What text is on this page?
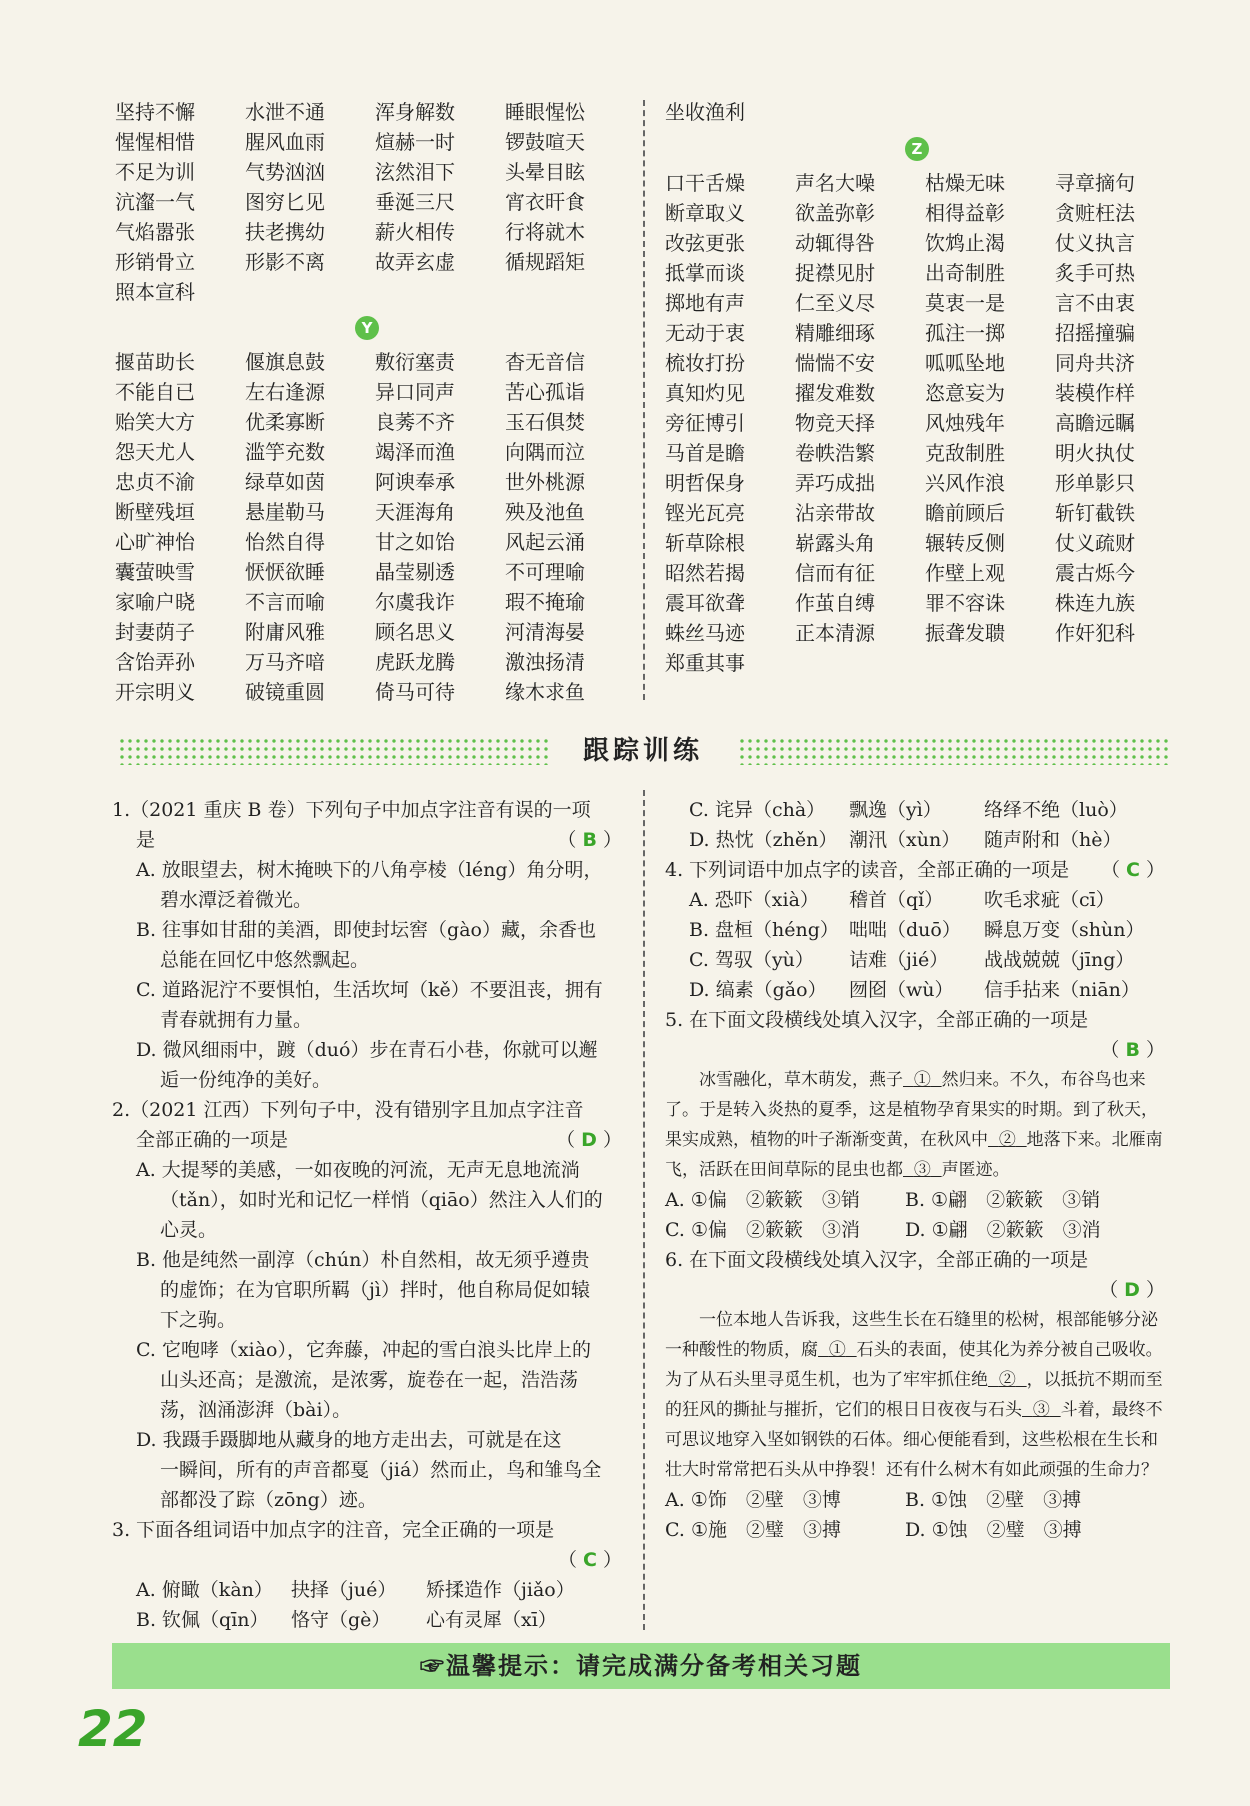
坚持不懈	水泄不通	浑身解数	睡眼惺忪
惺惺相惜	腥风血雨	煊赫一时	锣鼓喧天
不足为训	气势汹汹	泫然泪下	头晕目眩
沆瀣一气	图穷匕见	垂涎三尺	宵衣旰食
气焰嚣张	扶老携幼	薪火相传	行将就木
形销骨立	形影不离	故弄玄虚	循规蹈矩
照本宣科
Y
揠苗助长	偃旗息鼓	敷衍塞责	杳无音信
不能自已	左右逢源	异口同声	苦心孤诣
贻笑大方	优柔寡断	良莠不齐	玉石俱焚
怨天尤人	滥竽充数	竭泽而渔	向隅而泣
忠贞不渝	绿草如茵	阿谀奉承	世外桃源
断壁残垣	悬崖勒马	天涯海角	殃及池鱼
心旷神怡	怡然自得	甘之如饴	风起云涌
囊萤映雪	恹恹欲睡	晶莹剔透	不可理喻
家喻户晓	不言而喻	尔虞我诈	瑕不掩瑜
封妻荫子	附庸风雅	顾名思义	河清海晏
含饴弄孙	万马齐喑	虎跃龙腾	激浊扬清
开宗明义	破镜重圆	倚马可待	缘木求鱼
坐收渔利
Z
口干舌燥	声名大噪	枯燥无味	寻章摘句
断章取义	欲盖弥彰	相得益彰	贪赃枉法
改弦更张	动辄得咎	饮鸩止渴	仗义执言
抵掌而谈	捉襟见肘	出奇制胜	炙手可热
掷地有声	仁至义尽	莫衷一是	言不由衷
无动于衷	精雕细琢	孤注一掷	招摇撞骗
梳妆打扮	惴惴不安	呱呱坠地	同舟共济
真知灼见	擢发难数	恣意妄为	装模作样
旁征博引	物竞天择	风烛残年	高瞻远瞩
马首是瞻	卷帙浩繁	克敌制胜	明火执仗
明哲保身	弄巧成拙	兴风作浪	形单影只
铿光瓦亮	沾亲带故	瞻前顾后	斩钉截铁
斩草除根	崭露头角	辗转反侧	仗义疏财
昭然若揭	信而有征	作壁上观	震古烁今
震耳欲聋	作茧自缚	罪不容诛	株连九族
蛛丝马迹	正本清源	振聋发聩	作奸犯科
郑重其事
跟踪训练

1.（2021 重庆 B 卷）下列句子中加点字注音有误的一项

是	（ B ）

A. 放眼望去，树木掩映下的八角亭棱（léng）角分明，

碧水潭泛着微光。

B. 往事如甘甜的美酒，即使封坛窖（gào）藏，余香也

总能在回忆中悠然飘起。

C. 道路泥泞不要惧怕，生活坎坷（kě）不要沮丧，拥有

青春就拥有力量。

D. 微风细雨中，踱（duó）步在青石小巷，你就可以邂

逅一份纯净的美好。

2.（2021 江西）下列句子中，没有错别字且加点字注音

全部正确的一项是	（ D ）

A. 大提琴的美感，一如夜晚的河流，无声无息地流淌

（tǎn），如时光和记忆一样悄（qiāo）然注入人们的

心灵。

B. 他是纯然一副淳（chún）朴自然相，故无须乎遵贵

的虚饰；在为官职所羁（jì）拌时，他自称局促如辕

下之驹。

C. 它咆哮（xiào），它奔藤，冲起的雪白浪头比岸上的

山头还高；是激流，是浓雾，旋卷在一起，浩浩荡

荡，汹涌澎湃（bài）。

D. 我蹑手蹑脚地从藏身的地方走出去，可就是在这

一瞬间，所有的声音都戛（jiá）然而止，鸟和雏鸟全

部都没了踪（zōng）迹。

3. 下面各组词语中加点字的注音，完全正确的一项是

（ C ）

A. 俯瞰（kàn） 抉择（jué） 矫揉造作（jiǎo）

B. 钦佩（qīn） 恪守（gè） 心有灵犀（xī）

C. 诧异（chà） 飘逸（yì） 络绎不绝（luò）

D. 热忱（zhěn） 潮汛（xùn） 随声附和（hè）

4. 下列词语中加点字的读音，全部正确的一项是 （ C ）

A. 恐吓（xià） 稽首（qǐ） 吹毛求疵（cī）

B. 盘桓（héng） 咄咄（duō） 瞬息万变（shùn）

C. 驾驭（yù） 诘难（jié） 战战兢兢（jīng）

D. 缟素（gǎo） 囫囵（wù） 信手拈来（niān）

5. 在下面文段横线处填入汉字，全部正确的一项是

（ B ）

冰雪融化，草木萌发，燕子 ① 然归来。不久，布谷鸟也来了。于是转入炎热的夏季，这是植物孕育果实的时期。到了秋天，果实成熟，植物的叶子渐渐变黄，在秋风中 ② 地落下来。北雁南飞，活跃在田间草际的昆虫也都 ③ 声匿迹。

A. ①偏　②簌簌　③销 B. ①翩　②簌簌　③销

C. ①偏　②簌簌　③消 D. ①翩　②簌簌　③消

6. 在下面文段横线处填入汉字，全部正确的一项是

（ D ）

一位本地人告诉我，这些生长在石缝里的松树，根部能够分泌一种酸性的物质，腐 ① 石头的表面，使其化为养分被自己吸收。为了从石头里寻觅生机，也为了牢牢抓住绝 ② ，以抵抗不期而至的狂风的撕扯与摧折，它们的根日日夜夜与石头 ③ 斗着，最终不可思议地穿入坚如钢铁的石体。细心便能看到，这些松根在生长和壮大时常常把石头从中挣裂！还有什么树木有如此顽强的生命力？

A. ①饰　②壁　③博	B. ①蚀　②壁　③搏

C. ①施　②璧　③搏	D. ①蚀　②璧　③搏

☞温馨提示：请完成满分备考相关习题
22
